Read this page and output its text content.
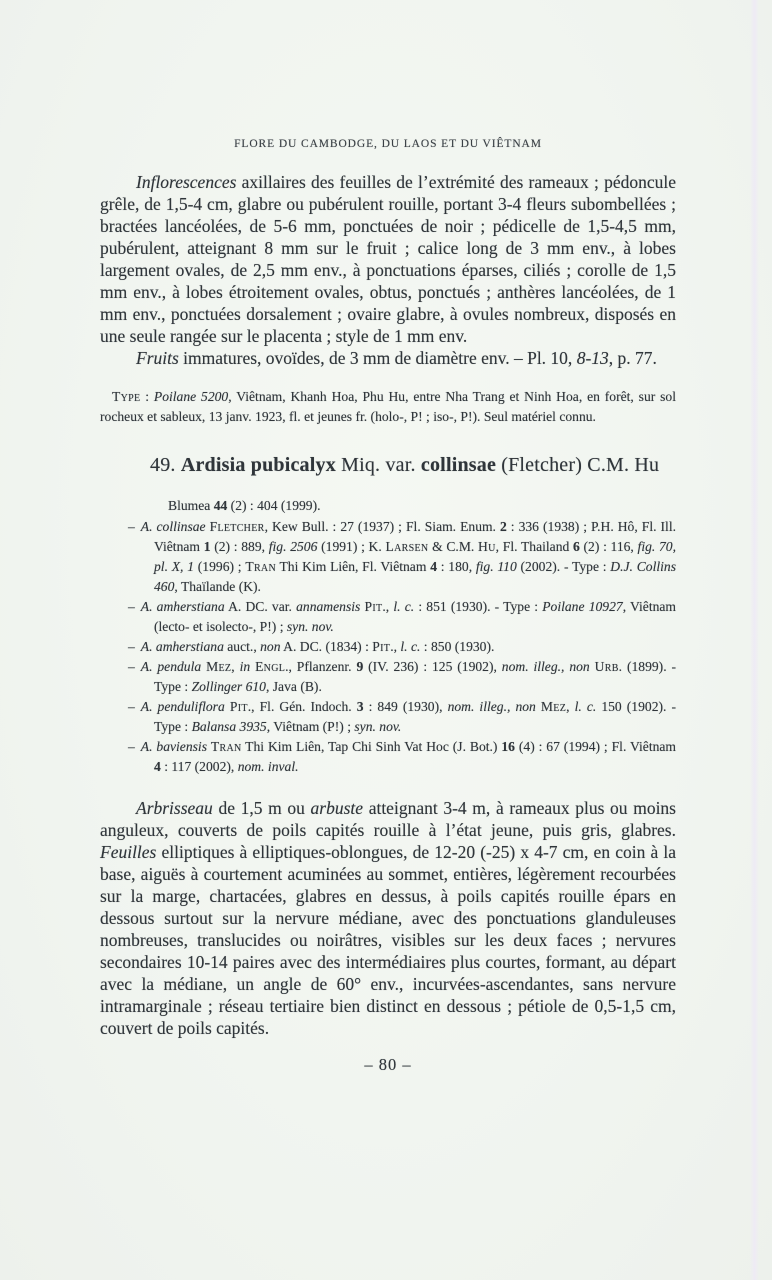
FLORE DU CAMBODGE, DU LAOS ET DU VIÊTNAM

Inflorescences axillaires des feuilles de l’extrémité des rameaux ; pédoncule grêle, de 1,5-4 cm, glabre ou pubérulent rouille, portant 3-4 fleurs subombellées ; bractées lancéolées, de 5-6 mm, ponctuées de noir ; pédicelle de 1,5-4,5 mm, pubérulent, atteignant 8 mm sur le fruit ; calice long de 3 mm env., à lobes largement ovales, de 2,5 mm env., à ponctuations éparses, ciliés ; corolle de 1,5 mm env., à lobes étroitement ovales, obtus, ponctués ; anthères lancéolées, de 1 mm env., ponctuées dorsalement ; ovaire glabre, à ovules nombreux, disposés en une seule rangée sur le placenta ; style de 1 mm env.

Fruits immatures, ovoïdes, de 3 mm de diamètre env. – Pl. 10, 8-13, p. 77.

Type : Poilane 5200, Viêtnam, Khanh Hoa, Phu Hu, entre Nha Trang et Ninh Hoa, en forêt, sur sol rocheux et sableux, 13 janv. 1923, fl. et jeunes fr. (holo-, P! ; iso-, P!). Seul matériel connu.

49. Ardisia pubicalyx Miq. var. collinsae (Fletcher) C.M. Hu

Blumea 44 (2) : 404 (1999).

– A. collinsae Fletcher, Kew Bull. : 27 (1937) ; Fl. Siam. Enum. 2 : 336 (1938) ; P.H. Hô, Fl. Ill. Viêtnam 1 (2) : 889, fig. 2506 (1991) ; K. Larsen & C.M. Hu, Fl. Thailand 6 (2) : 116, fig. 70, pl. X, 1 (1996) ; Tran Thi Kim Liên, Fl. Viêtnam 4 : 180, fig. 110 (2002). - Type : D.J. Collins 460, Thaïlande (K).

– A. amherstiana A. DC. var. annamensis Pit., l. c. : 851 (1930). - Type : Poilane 10927, Viêtnam (lecto- et isolecto-, P!) ; syn. nov.

– A. amherstiana auct., non A. DC. (1834) : Pit., l. c. : 850 (1930).

– A. pendula Mez, in Engl., Pflanzenr. 9 (IV. 236) : 125 (1902), nom. illeg., non Urb. (1899). - Type : Zollinger 610, Java (B).

– A. penduliflora Pit., Fl. Gén. Indoch. 3 : 849 (1930), nom. illeg., non Mez, l. c. 150 (1902). - Type : Balansa 3935, Viêtnam (P!) ; syn. nov.

– A. baviensis Tran Thi Kim Liên, Tap Chi Sinh Vat Hoc (J. Bot.) 16 (4) : 67 (1994) ; Fl. Viêtnam 4 : 117 (2002), nom. inval.

Arbrisseau de 1,5 m ou arbuste atteignant 3-4 m, à rameaux plus ou moins anguleux, couverts de poils capités rouille à l’état jeune, puis gris, glabres. Feuilles elliptiques à elliptiques-oblongues, de 12-20 (-25) x 4-7 cm, en coin à la base, aiguës à courtement acuminées au sommet, entières, légèrement recourbées sur la marge, chartacées, glabres en dessus, à poils capités rouille épars en dessous surtout sur la nervure médiane, avec des ponctuations glanduleuses nombreuses, translucides ou noirâtres, visibles sur les deux faces ; nervures secondaires 10-14 paires avec des intermédiaires plus courtes, formant, au départ avec la médiane, un angle de 60° env., incurvées-ascendantes, sans nervure intramarginale ; réseau tertiaire bien distinct en dessous ; pétiole de 0,5-1,5 cm, couvert de poils capités.

– 80 –
